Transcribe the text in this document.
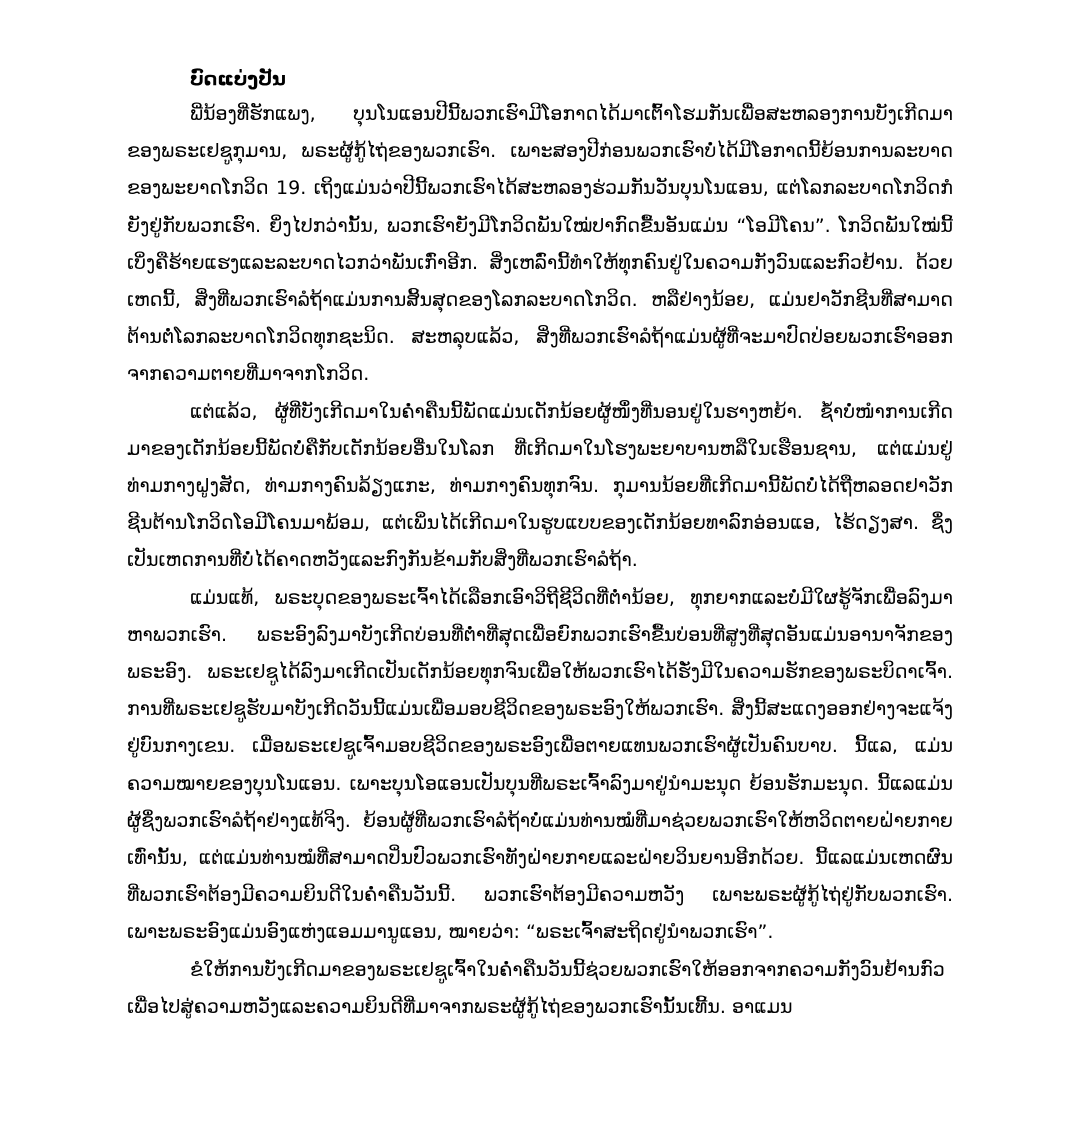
ບົດແບ່ງປັນ

ພີ່ນ້ອງທີ່ຮັກແພງ, ບຸນໂນແອນປີນີ້ພວກເຮົາມີໂອກາດໄດ້ມາເຕົ້າໂຮມກັນເພື່ອສະຫລອງການບັງເກີດມາຂອງພຣະເຢຊູກຸມານ, ພຣະຜູ້ກູ້ໄຖ່ຂອງພວກເຮົາ. ເພາະສອງປີກ່ອນພວກເຮົາບໍ່ໄດ້ມີໂອກາດນີ້ຍ້ອນການລະບາດຂອງພະຍາດໂກວິດ 19. ເຖິງແມ່ນວ່າປີນີ້ພວກເຮົາໄດ້ສະຫລອງຮ່ວມກັນວັນບຸນໂນແອນ, ແຕ່ໂລກລະບາດໂກວິດກໍຍັງຢູ່ກັບພວກເຮົາ. ຍິ່ງໄປກວ່ານັ້ນ, ພວກເຮົາຍັງມີໂກວິດພັນໃໝ່ປາກົດຂື້ນອັນແມ່ນ “ໂອມີໂຄນ”. ໂກວິດພັນໃໝ່ນີ້ເບິ່ງຄືຮ້າຍແຮງແລະລະບາດໄວກວ່າພັນເກົ່າອີກ. ສິ່ງເຫລົ່ານີ້ທຳໃຫ້ທຸກຄົນຢູ່ໃນຄວາມກັງວົນແລະກົວຢ້ານ. ດ້ວຍເຫດນີ້, ສິ່ງທີ່ພວກເຮົາລໍຖ້າແມ່ນການສິ້ນສຸດຂອງໂລກລະບາດໂກວິດ. ຫລືຢ່າງນ້ອຍ, ແມ່ນຢາວັກຊີນທີ່ສາມາດຕ້ານຕໍ່ໂລກລະບາດໂກວິດທຸກຊະນິດ. ສະຫລຸບແລ້ວ, ສິ່ງທີ່ພວກເຮົາລໍຖ້າແມ່ນຜູ້ທີ່ຈະມາປົດປ່ອຍພວກເຮົາອອກຈາກຄວາມຕາຍທີ່ມາຈາກໂກວິດ.

ແຕ່ແລ້ວ, ຜູ້ທີ່ບັງເກີດມາໃນຄໍ່າຄືນນີ້ພັດແມ່ນເດັກນ້ອຍຜູ້ໜຶ່ງທີ່ນອນຢູ່ໃນຮາງຫຍ້າ. ຊໍ້າບໍ່ໜຳການເກີດມາຂອງເດັກນ້ອຍນີ້ພັດບໍ່ຄືກັບເດັກນ້ອຍອື່ນໃນໂລກ ທີ່ເກີດມາໃນໂຮງພະຍາບານຫລືໃນເຮືອນຊານ, ແຕ່ແມ່ນຢູ່ທ່າມກາງຝູງສັດ, ທ່າມກາງຄົນລ້ຽງແກະ, ທ່າມກາງຄົນທຸກຈົນ. ກຸມານນ້ອຍທີ່ເກີດມານີ້ພັດບໍ່ໄດ້ຖືຫລອດຢາວັກຊີນຕ້ານໂກວິດໂອມີໂຄນມາພ້ອມ, ແຕ່ເພິ່ນໄດ້ເກີດມາໃນຮູບແບບຂອງເດັກນ້ອຍທາລົກອ່ອນແອ, ໄຮ້ດຽງສາ. ຊຶ່ງເປັນເຫດການທີ່ບໍ່ໄດ້ຄາດຫວັງແລະກົງກັນຂ້າມກັບສິ່ງທີ່ພວກເຮົາລໍຖ້າ.

ແມ່ນແທ້, ພຣະບຸດຂອງພຣະເຈົ້າໄດ້ເລືອກເອົາວິຖີຊີວິດທີ່ຕໍ່ານ້ອຍ, ທຸກຍາກແລະບໍ່ມີໃຜຮູ້ຈັກເພື່ອລົງມາຫາພວກເຮົາ. ພຣະອົງລົງມາບັງເກີດບ່ອນທີ່ຕໍ່າທີ່ສຸດເພື່ອຍົກພວກເຮົາຂື້ນບ່ອນທີ່ສູງທີ່ສຸດອັນແມ່ນອານາຈັກຂອງພຣະອົງ. ພຣະເຢຊູໄດ້ລົງມາເກີດເປັນເດັກນ້ອຍທຸກຈົນເພື່ອໃຫ້ພວກເຮົາໄດ້ຮັ່ງມີໃນຄວາມຮັກຂອງພຣະບິດາເຈົ້າ. ການທີ່ພຣະເຢຊູຮັບມາບັງເກີດວັນນີ້ແມ່ນເພື່ອມອບຊີວິດຂອງພຣະອົງໃຫ້ພວກເຮົາ. ສິ່ງນີ້ສະແດງອອກຢ່າງຈະແຈ້ງຢູ່ບົນກາງເຂນ. ເມື່ອພຣະເຢຊູເຈົ້າມອບຊີວິດຂອງພຣະອົງເພື່ອຕາຍແທນພວກເຮົາຜູ້ເປັນຄົນບາບ. ນີ້ແລ, ແມ່ນຄວາມໝາຍຂອງບຸນໂນແອນ. ເພາະບຸນໂອແອນເປັນບຸນທີ່ພຣະເຈົ້າລົງມາຢູ່ນຳມະນຸດ ຍ້ອນຮັກມະນຸດ. ນີ້ແລແມ່ນຜູ້ຊຶ່ງພວກເຮົາລໍຖ້າຢ່າງແທ້ຈິງ. ຍ້ອນຜູ້ທີ່ພວກເຮົາລໍຖ້າບໍ່ແມ່ນທ່ານໝໍທີ່ມາຊ່ວຍພວກເຮົາໃຫ້ຫວິດຕາຍຝ່າຍກາຍເທົ່ານັ້ນ, ແຕ່ແມ່ນທ່ານໝໍທີ່ສາມາດປິ່ນປົວພວກເຮົາທັງຝ່າຍກາຍແລະຝ່າຍວິນຍານອີກດ້ວຍ. ນີ້ແລແມ່ນເຫດຜົນທີ່ພວກເຮົາຕ້ອງມີຄວາມຍິນດີໃນຄໍ່າຄືນວັນນີ້. ພວກເຮົາຕ້ອງມີຄວາມຫວັງ ເພາະພຣະຜູ້ກູ້ໄຖ່ຢູ່ກັບພວກເຮົາ. ເພາະພຣະອົງແມ່ນອົງແຫ່ງແອມມານູແອນ, ໝາຍວ່າ: “ພຣະເຈົ້າສະຖິດຢູ່ນຳພວກເຮົາ”.

ຂໍໃຫ້ການບັງເກີດມາຂອງພຣະເຢຊູເຈົ້າໃນຄໍ່າຄືນວັນນີ້ຊ່ວຍພວກເຮົາໃຫ້ອອກຈາກຄວາມກັງວົນຢ້ານກົວເພື່ອໄປສູ່ຄວາມຫວັງແລະຄວາມຍິນດີທີ່ມາຈາກພຣະຜູ້ກູ້ໄຖ່ຂອງພວກເຮົານັ້ນເທີ້ນ. ອາແມນ
